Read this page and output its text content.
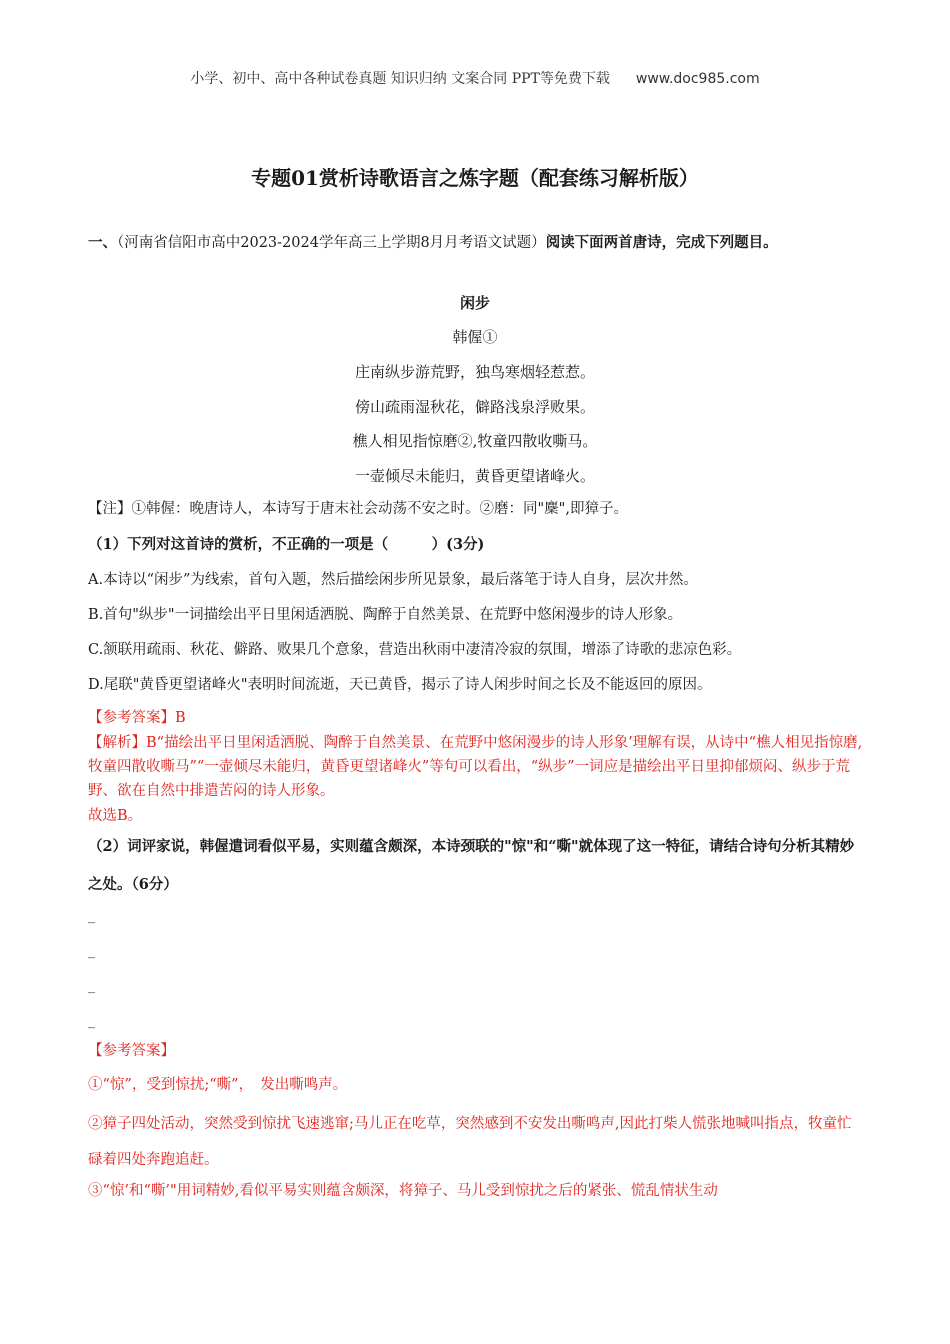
小学、初中、高中各种试卷真题 知识归纳 文案合同 PPT等免费下载 www.doc985.com
专题01赏析诗歌语言之炼字题（配套练习解析版）
一、（河南省信阳市高中2023-2024学年高三上学期8月月考语文试题）阅读下面两首唐诗，完成下列题目。
闲步
韩偓①
庄南纵步游荒野，独鸟寒烟轻惹惹。
傍山疏雨湿秋花，僻路浅泉浮败果。
樵人相见指惊磨②,牧童四散收嘶马。
一壶倾尽未能归，黄昏更望诸峰火。
【注】①韩偓：晚唐诗人，本诗写于唐末社会动荡不安之时。②磨：同"麇",即獐子。
（1）下列对这首诗的赏析，不正确的一项是（　　　）(3分)
A.本诗以“闲步”为线索，首句入题，然后描绘闲步所见景象，最后落笔于诗人自身，层次井然。
B.首句"纵步"一词描绘出平日里闲适洒脱、陶醉于自然美景、在荒野中悠闲漫步的诗人形象。
C.颔联用疏雨、秋花、僻路、败果几个意象，营造出秋雨中凄清冷寂的氛围，增添了诗歌的悲凉色彩。
D.尾联"黄昏更望诸峰火"表明时间流逝，天已黄昏，揭示了诗人闲步时间之长及不能返回的原因。
【参考答案】B
【解析】B“描绘出平日里闲适洒脱、陶醉于自然美景、在荒野中悠闲漫步的诗人形象’理解有误，从诗中“樵人相见指惊磨,牧童四散收嘶马”“一壶倾尽未能归，黄昏更望诸峰火”等句可以看出，“纵步”一词应是描绘出平日里抑郁烦闷、纵步于荒野、欲在自然中排遣苦闷的诗人形象。
故选B。
（2）词评家说，韩偓遣词看似平易，实则蕴含颇深，本诗颈联的"惊"和“嘶"就体现了这一特征，请结合诗句分析其精妙之处。（6分）
_
_
_
_
【参考答案】
①“惊”，受到惊扰;“嘶”，　发出嘶鸣声。
②獐子四处活动，突然受到惊扰飞速逃窜;马儿正在吃草，突然感到不安发出嘶鸣声,因此打柴人慌张地喊叫指点，牧童忙碌着四处奔跑追赶。
③“惊’和“嘶’"用词精妙,看似平易实则蕴含颇深，将獐子、马儿受到惊扰之后的紧张、慌乱情状生动
